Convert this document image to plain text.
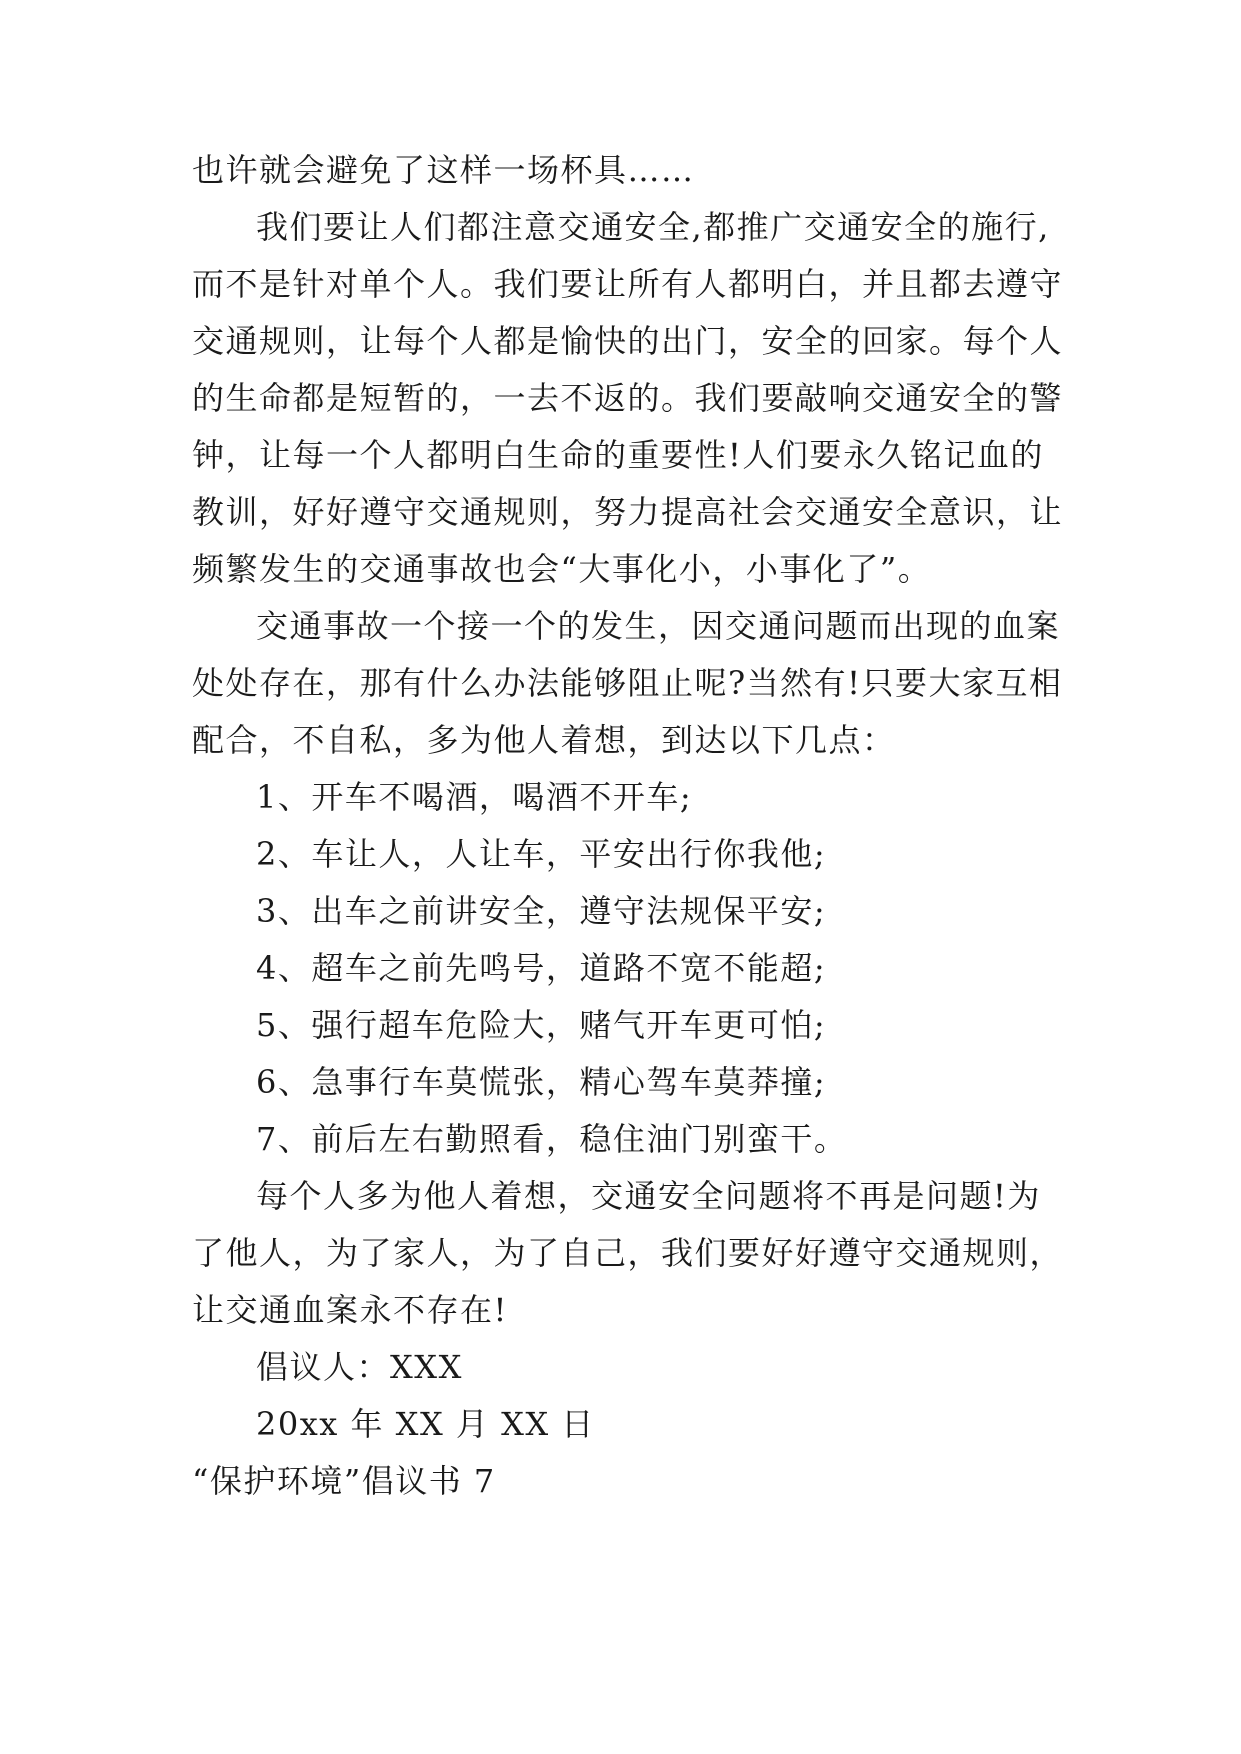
也许就会避免了这样一场杯具……
我们要让人们都注意交通安全,都推广交通安全的施行,
而不是针对单个人。我们要让所有人都明白，并且都去遵守
交通规则，让每个人都是愉快的出门，安全的回家。每个人
的生命都是短暂的，一去不返的。我们要敲响交通安全的警
钟，让每一个人都明白生命的重要性!人们要永久铭记血的
教训，好好遵守交通规则，努力提高社会交通安全意识，让
频繁发生的交通事故也会“大事化小，小事化了”。
交通事故一个接一个的发生，因交通问题而出现的血案
处处存在，那有什么办法能够阻止呢?当然有!只要大家互相
配合，不自私，多为他人着想，到达以下几点：
1、开车不喝酒，喝酒不开车;
2、车让人，人让车，平安出行你我他;
3、出车之前讲安全，遵守法规保平安;
4、超车之前先鸣号，道路不宽不能超;
5、强行超车危险大，赌气开车更可怕;
6、急事行车莫慌张，精心驾车莫莽撞;
7、前后左右勤照看，稳住油门别蛮干。
每个人多为他人着想，交通安全问题将不再是问题!为
了他人，为了家人，为了自己，我们要好好遵守交通规则，
让交通血案永不存在!
倡议人：XXX
20xx 年 XX 月 XX 日
“保护环境”倡议书 7
